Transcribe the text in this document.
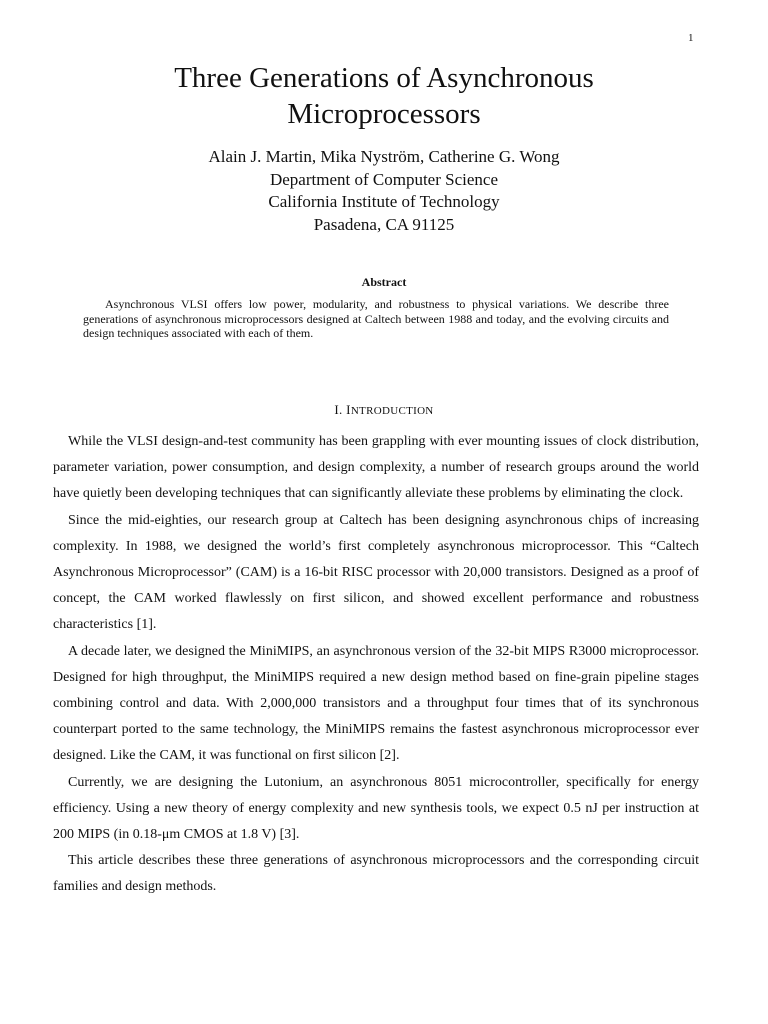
1
Three Generations of Asynchronous
Microprocessors
Alain J. Martin, Mika Nyström, Catherine G. Wong
Department of Computer Science
California Institute of Technology
Pasadena, CA 91125
Abstract

Asynchronous VLSI offers low power, modularity, and robustness to physical variations. We describe three generations of asynchronous microprocessors designed at Caltech between 1988 and today, and the evolving circuits and design techniques associated with each of them.

I. INTRODUCTION

While the VLSI design-and-test community has been grappling with ever mounting issues of clock distribution, parameter variation, power consumption, and design complexity, a number of research groups around the world have quietly been developing techniques that can significantly alleviate these problems by eliminating the clock.

Since the mid-eighties, our research group at Caltech has been designing asynchronous chips of increasing complexity. In 1988, we designed the world’s first completely asynchronous microprocessor. This “Caltech Asynchronous Microprocessor” (CAM) is a 16-bit RISC processor with 20,000 transistors. Designed as a proof of concept, the CAM worked flawlessly on first silicon, and showed excellent performance and robustness characteristics [1].

A decade later, we designed the MiniMIPS, an asynchronous version of the 32-bit MIPS R3000 microprocessor. Designed for high throughput, the MiniMIPS required a new design method based on fine-grain pipeline stages combining control and data. With 2,000,000 transistors and a throughput four times that of its synchronous counterpart ported to the same technology, the MiniMIPS remains the fastest asynchronous microprocessor ever designed. Like the CAM, it was functional on first silicon [2].

Currently, we are designing the Lutonium, an asynchronous 8051 microcontroller, specifically for energy efficiency. Using a new theory of energy complexity and new synthesis tools, we expect 0.5 nJ per instruction at 200 MIPS (in 0.18-μm CMOS at 1.8 V) [3].

This article describes these three generations of asynchronous microprocessors and the corresponding circuit families and design methods.
